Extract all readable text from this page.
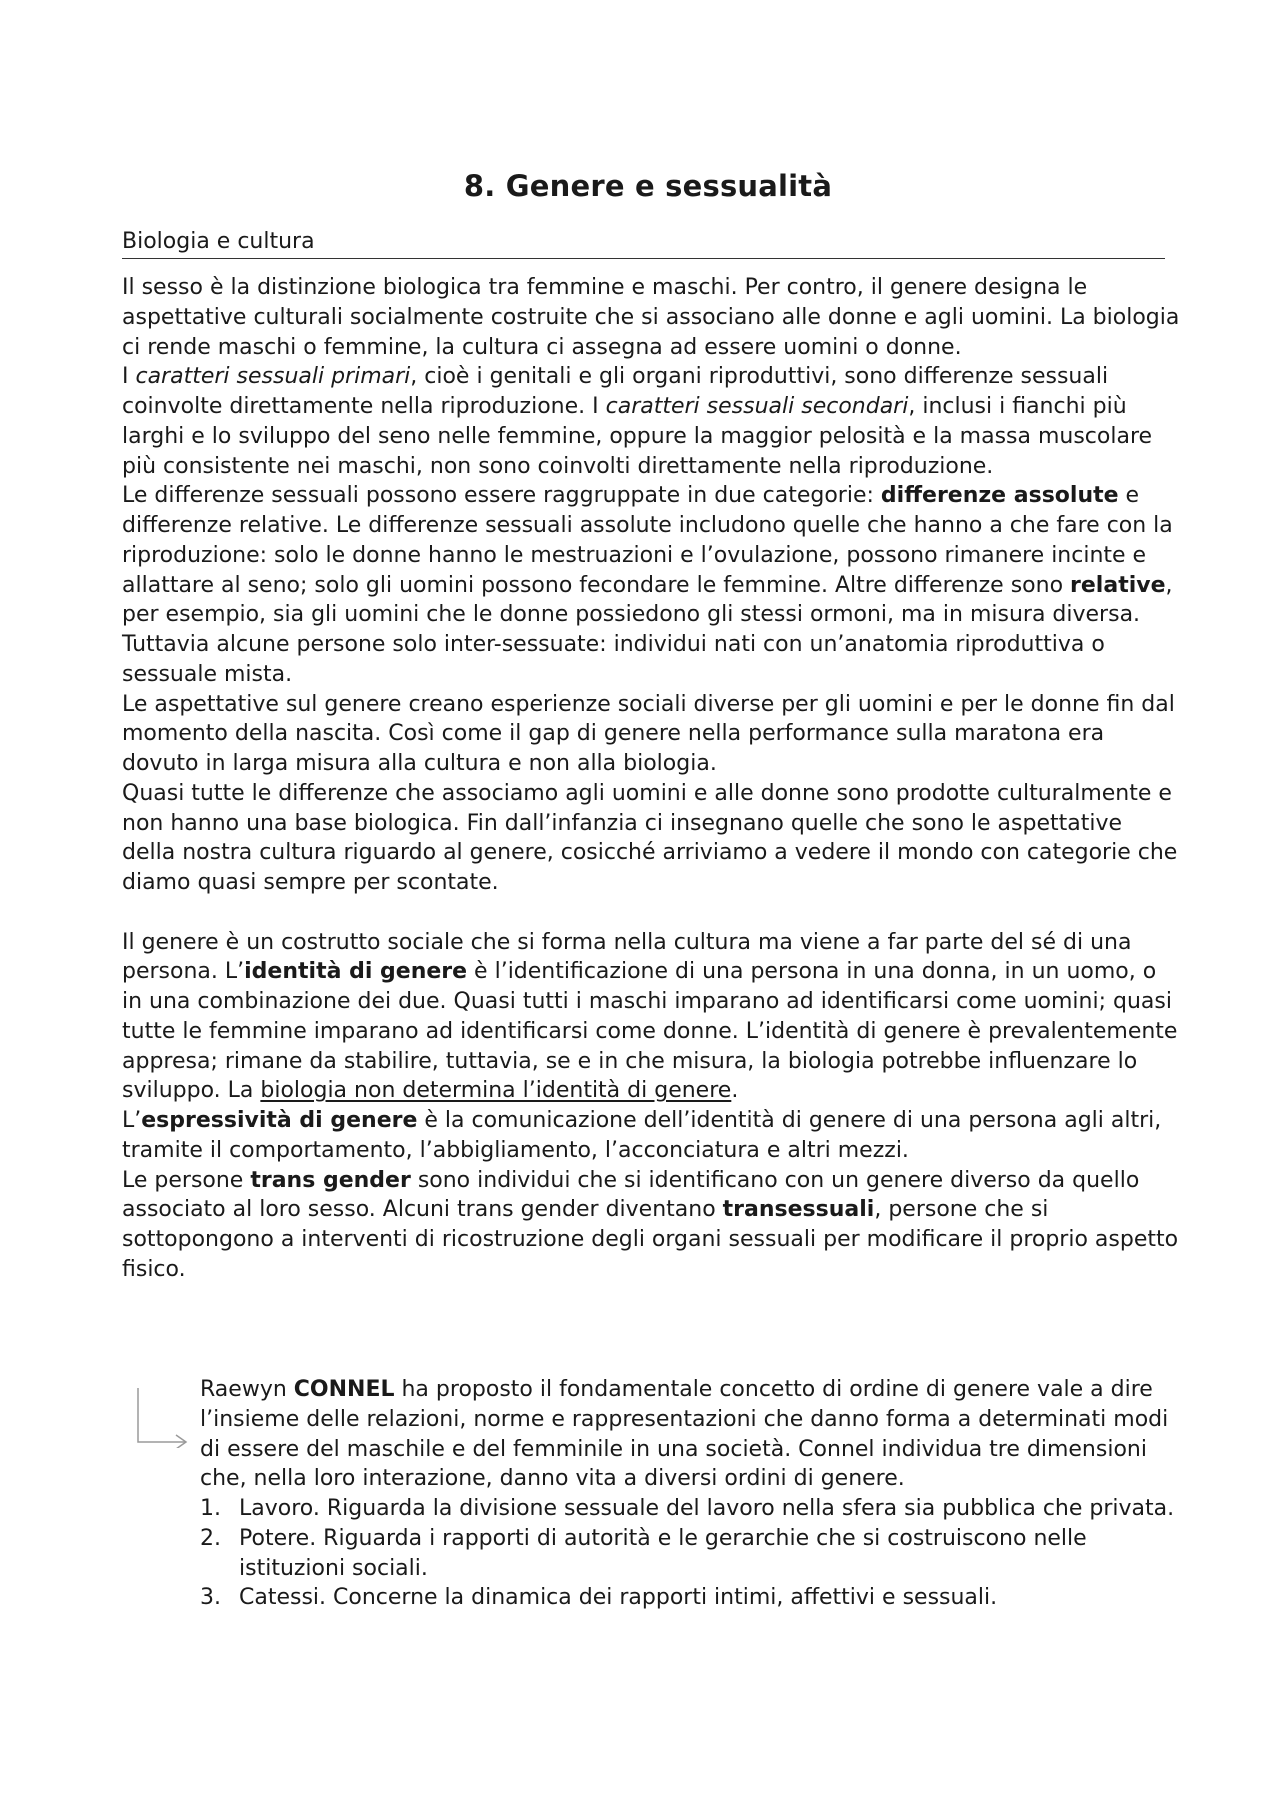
8. Genere e sessualità
Biologia e cultura

Il sesso è la distinzione biologica tra femmine e maschi. Per contro, il genere designa le aspettative culturali socialmente costruite che si associano alle donne e agli uomini. La biologia ci rende maschi o femmine, la cultura ci assegna ad essere uomini o donne.

I caratteri sessuali primari, cioè i genitali e gli organi riproduttivi, sono differenze sessuali coinvolte direttamente nella riproduzione. I caratteri sessuali secondari, inclusi i fianchi più larghi e lo sviluppo del seno nelle femmine, oppure la maggior pelosità e la massa muscolare più consistente nei maschi, non sono coinvolti direttamente nella riproduzione.

Le differenze sessuali possono essere raggruppate in due categorie: differenze assolute e differenze relative. Le differenze sessuali assolute includono quelle che hanno a che fare con la riproduzione: solo le donne hanno le mestruazioni e l’ovulazione, possono rimanere incinte e allattare al seno; solo gli uomini possono fecondare le femmine. Altre differenze sono relative, per esempio, sia gli uomini che le donne possiedono gli stessi ormoni, ma in misura diversa. Tuttavia alcune persone solo inter-sessuate: individui nati con un’anatomia riproduttiva o sessuale mista.

Le aspettative sul genere creano esperienze sociali diverse per gli uomini e per le donne fin dal momento della nascita. Così come il gap di genere nella performance sulla maratona era dovuto in larga misura alla cultura e non alla biologia.

Quasi tutte le differenze che associamo agli uomini e alle donne sono prodotte culturalmente e non hanno una base biologica. Fin dall’infanzia ci insegnano quelle che sono le aspettative della nostra cultura riguardo al genere, cosicché arriviamo a vedere il mondo con categorie che diamo quasi sempre per scontate.

Il genere è un costrutto sociale che si forma nella cultura ma viene a far parte del sé di una persona. L’identità di genere è l’identificazione di una persona in una donna, in un uomo, o in una combinazione dei due. Quasi tutti i maschi imparano ad identificarsi come uomini; quasi tutte le femmine imparano ad identificarsi come donne. L’identità di genere è prevalentemente appresa; rimane da stabilire, tuttavia, se e in che misura, la biologia potrebbe influenzare lo sviluppo. La biologia non determina l’identità di genere.

L’espressività di genere è la comunicazione dell’identità di genere di una persona agli altri, tramite il comportamento, l’abbigliamento, l’acconciatura e altri mezzi.

Le persone trans gender sono individui che si identificano con un genere diverso da quello associato al loro sesso. Alcuni trans gender diventano transessuali, persone che si sottopongono a interventi di ricostruzione degli organi sessuali per modificare il proprio aspetto fisico.

Raewyn CONNEL ha proposto il fondamentale concetto di ordine di genere vale a dire l’insieme delle relazioni, norme e rappresentazioni che danno forma a determinati modi di essere del maschile e del femminile in una società. Connel individua tre dimensioni che, nella loro interazione, danno vita a diversi ordini di genere.

1. Lavoro. Riguarda la divisione sessuale del lavoro nella sfera sia pubblica che privata.
2. Potere. Riguarda i rapporti di autorità e le gerarchie che si costruiscono nelle istituzioni sociali.
3. Catessi. Concerne la dinamica dei rapporti intimi, affettivi e sessuali.
